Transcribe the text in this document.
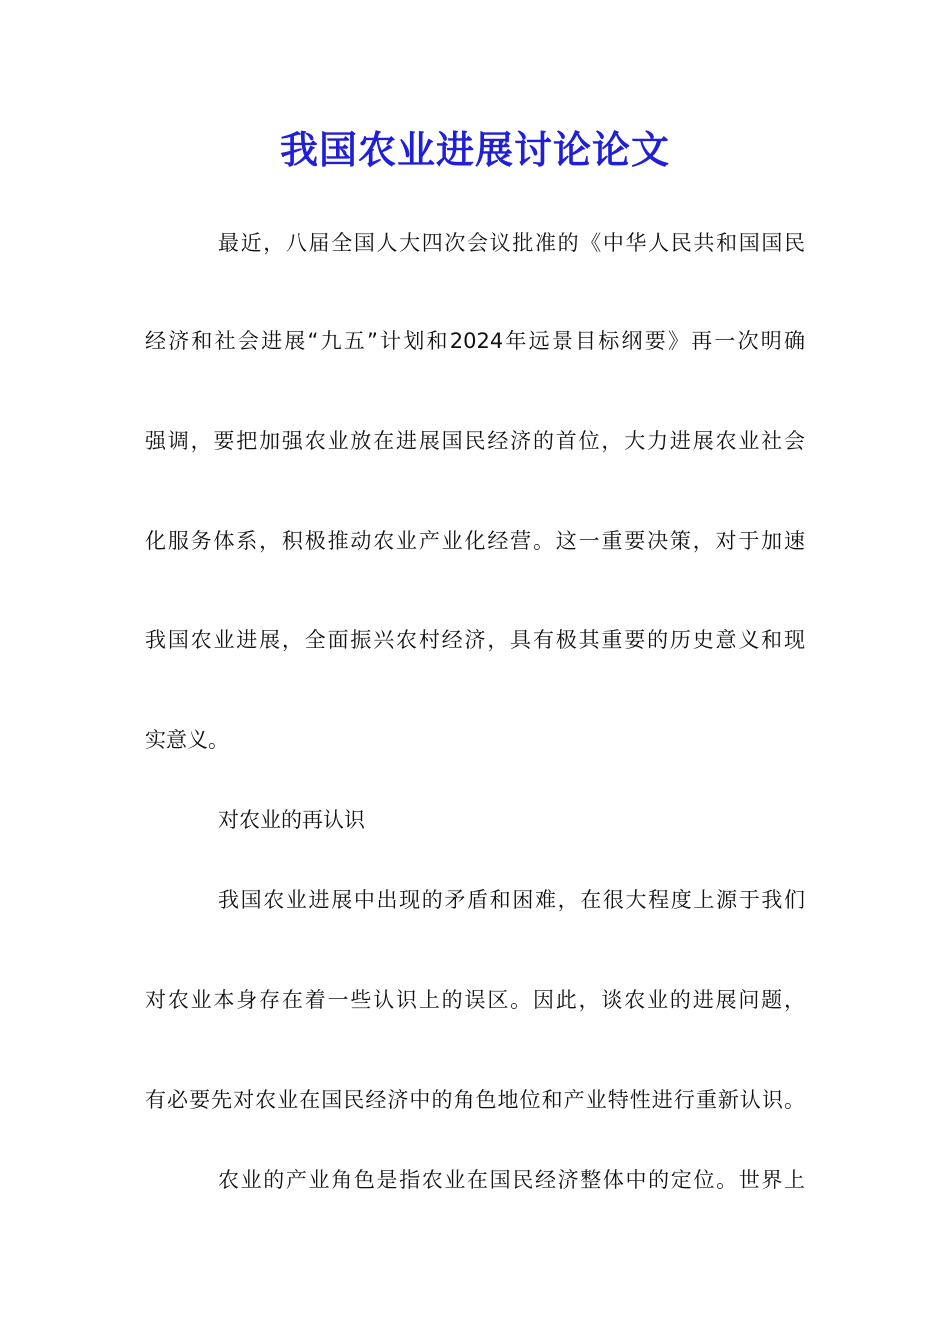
我国农业进展讨论论文

最近，八届全国人大四次会议批准的《中华人民共和国国民

经济和社会进展“九五”计划和2024年远景目标纲要》再一次明确

强调，要把加强农业放在进展国民经济的首位，大力进展农业社会

化服务体系，积极推动农业产业化经营。这一重要决策，对于加速

我国农业进展，全面振兴农村经济，具有极其重要的历史意义和现

实意义。

对农业的再认识

我国农业进展中出现的矛盾和困难，在很大程度上源于我们

对农业本身存在着一些认识上的误区。因此，谈农业的进展问题，

有必要先对农业在国民经济中的角色地位和产业特性进行重新认识。

农业的产业角色是指农业在国民经济整体中的定位。世界上
